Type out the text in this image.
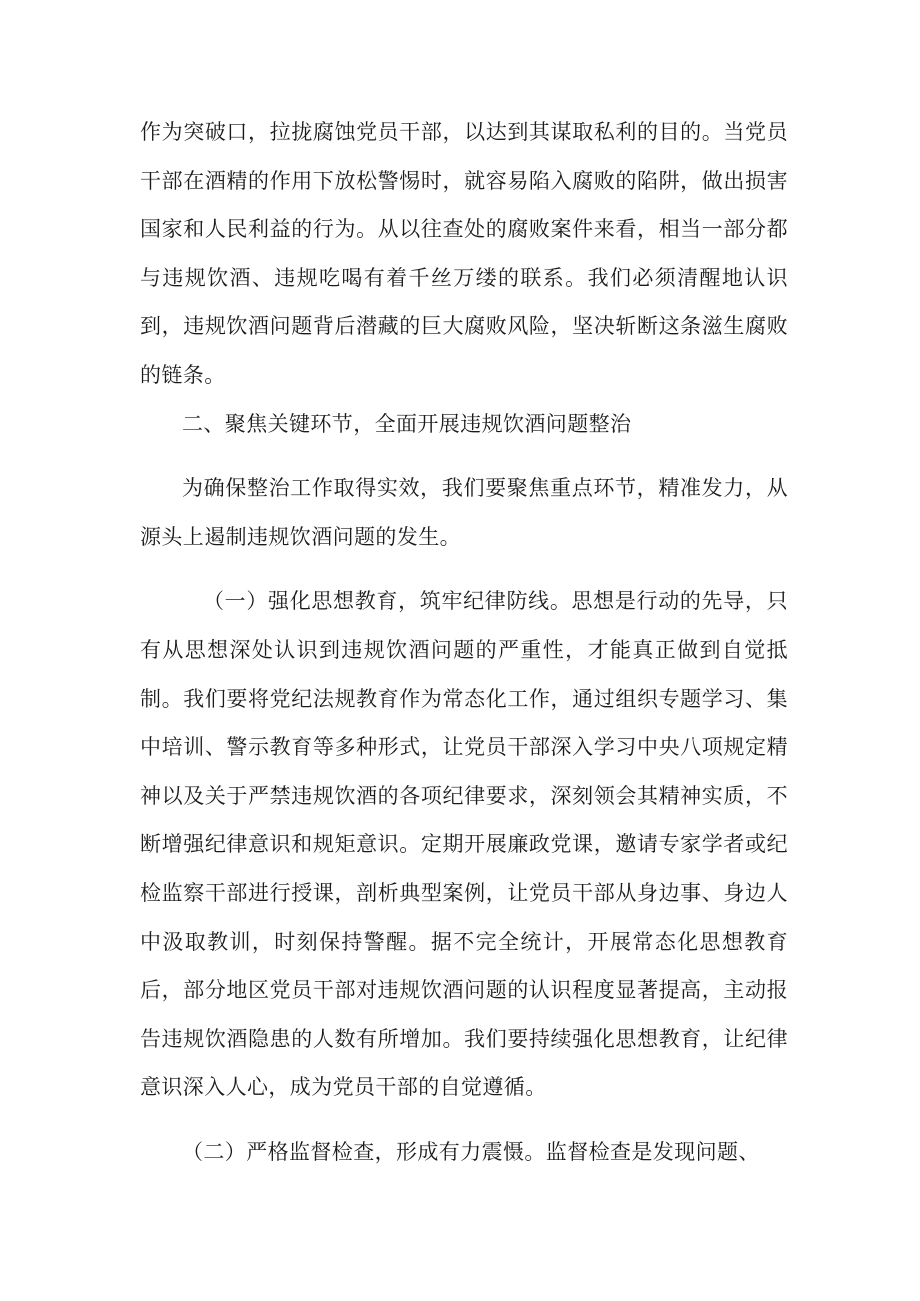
作为突破口，拉拢腐蚀党员干部，以达到其谋取私利的目的。当党员干部在酒精的作用下放松警惕时，就容易陷入腐败的陷阱，做出损害国家和人民利益的行为。从以往查处的腐败案件来看，相当一部分都与违规饮酒、违规吃喝有着千丝万缕的联系。我们必须清醒地认识到，违规饮酒问题背后潜藏的巨大腐败风险，坚决斩断这条滋生腐败的链条。

二、聚焦关键环节，全面开展违规饮酒问题整治

为确保整治工作取得实效，我们要聚焦重点环节，精准发力，从源头上遏制违规饮酒问题的发生。

（一）强化思想教育，筑牢纪律防线。思想是行动的先导，只有从思想深处认识到违规饮酒问题的严重性，才能真正做到自觉抵制。我们要将党纪法规教育作为常态化工作，通过组织专题学习、集中培训、警示教育等多种形式，让党员干部深入学习中央八项规定精神以及关于严禁违规饮酒的各项纪律要求，深刻领会其精神实质，不断增强纪律意识和规矩意识。定期开展廉政党课，邀请专家学者或纪检监察干部进行授课，剖析典型案例，让党员干部从身边事、身边人中汲取教训，时刻保持警醒。据不完全统计，开展常态化思想教育后，部分地区党员干部对违规饮酒问题的认识程度显著提高，主动报告违规饮酒隐患的人数有所增加。我们要持续强化思想教育，让纪律意识深入人心，成为党员干部的自觉遵循。

（二）严格监督检查，形成有力震慑。监督检查是发现问题、
